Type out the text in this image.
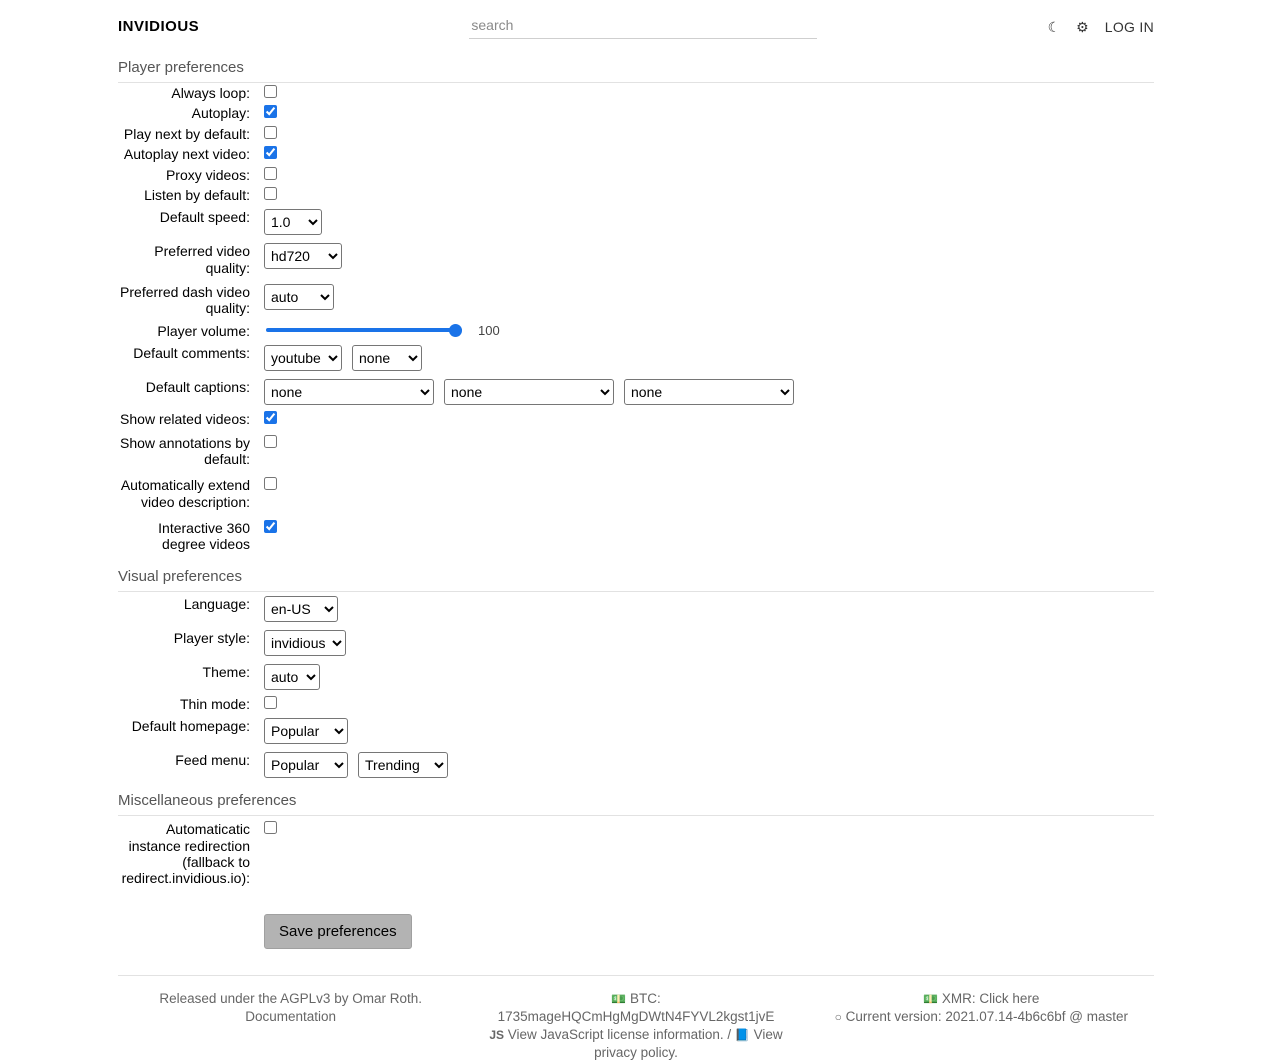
INVIDIOUS
search	☾ ⚙ LOG IN
Player preferences
Always loop:
Autoplay:
Play next by default:
Autoplay next video:
Proxy videos:
Listen by default:
Default speed:
1.0
Preferred video quality:
hd720
Preferred dash video quality:
auto
Player volume:	100
Default comments:
youtube
none
Default captions:
none
none
none
Show related videos:
Show annotations by default:
Automatically extend video description:
Interactive 360 degree videos
Visual preferences
Language:
en-US
Player style:
invidious
Theme:
auto
Thin mode:
Default homepage:
Popular
Feed menu:
Popular
Trending
Miscellaneous preferences
Automaticatic instance redirection (fallback to redirect.invidious.io):
Save preferences
Released under the AGPLv3 by Omar Roth.
Documentation
💵 BTC: 1735mageHQCmHgMgDWtN4FYVL2kgst1jvE
JS View JavaScript license information. / 📘 View privacy policy.
💵 XMR: Click here
○ Current version: 2021.07.14-4b6c6bf @ master
